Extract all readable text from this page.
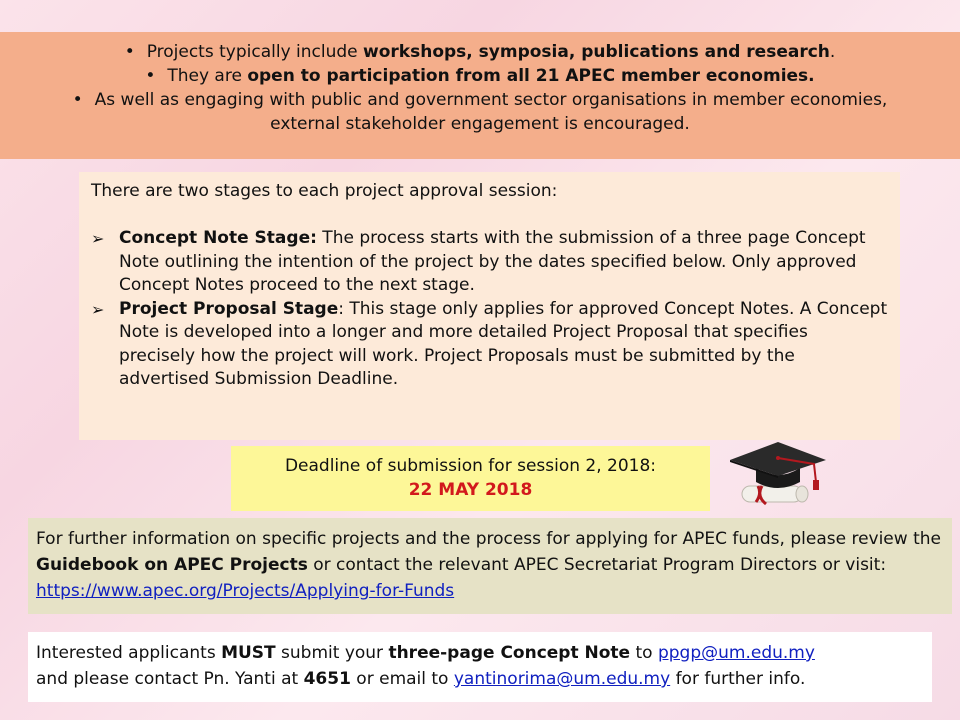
• Projects typically include workshops, symposia, publications and research.
• They are open to participation from all 21 APEC member economies.
• As well as engaging with public and government sector organisations in member economies,
external stakeholder engagement is encouraged.
There are two stages to each project approval session:
➢ Concept Note Stage: The process starts with the submission of a three page Concept Note outlining the intention of the project by the dates specified below. Only approved Concept Notes proceed to the next stage.
➢ Project Proposal Stage: This stage only applies for approved Concept Notes. A Concept Note is developed into a longer and more detailed Project Proposal that specifies precisely how the project will work. Project Proposals must be submitted by the advertised Submission Deadline.
Deadline of submission for session 2, 2018:
22 MAY 2018
For further information on specific projects and the process for applying for APEC funds, please review the Guidebook on APEC Projects or contact the relevant APEC Secretariat Program Directors or visit: https://www.apec.org/Projects/Applying-for-Funds
Interested applicants MUST submit your three-page Concept Note to ppgp@um.edu.my
and please contact Pn. Yanti at 4651 or email to yantinorima@um.edu.my for further info.
